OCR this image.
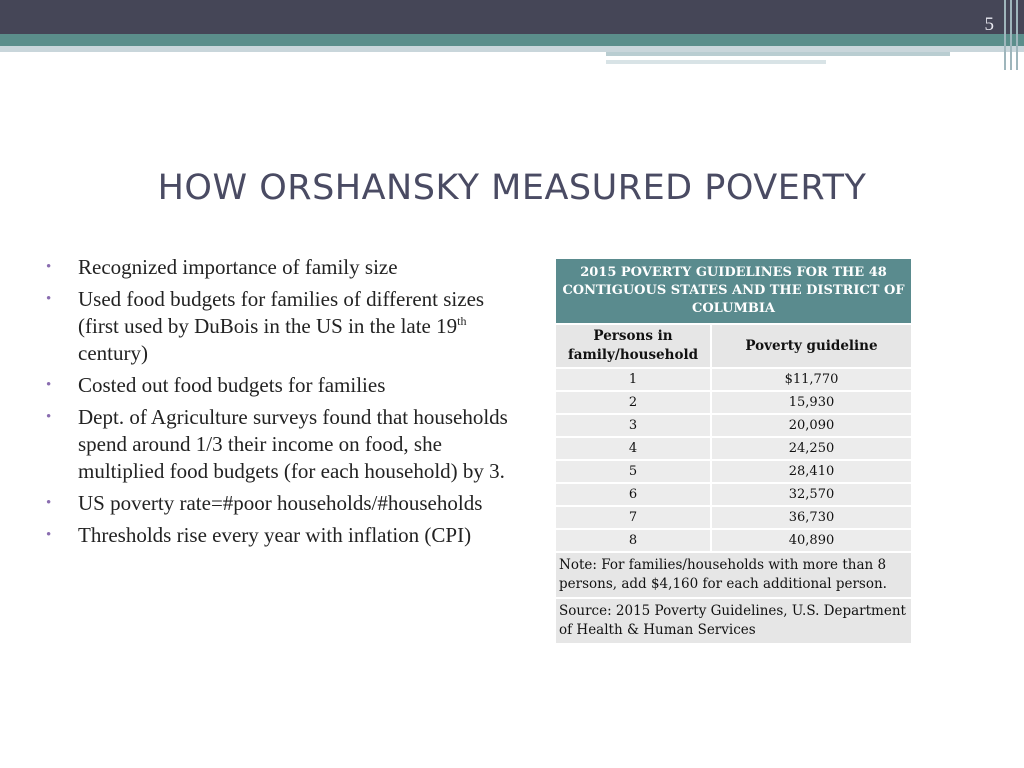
5
HOW ORSHANSKY MEASURED POVERTY
• Recognized importance of family size
• Used food budgets for families of different sizes (first used by DuBois in the US in the late 19th century)
• Costed out food budgets for families
• Dept. of Agriculture surveys found that households spend around 1/3 their income on food, she multiplied food budgets (for each household) by 3.
• US poverty rate=#poor households/#households
• Thresholds rise every year with inflation (CPI)
2015 POVERTY GUIDELINES FOR THE 48 CONTIGUOUS STATES AND THE DISTRICT OF COLUMBIA	
Persons in family/household	Poverty guideline
1	$11,770
2	15,930
3	20,090
4	24,250
5	28,410
6	32,570
7	36,730
8	40,890
Note: For families/households with more than 8 persons, add $4,160 for each additional person.	
Source: 2015 Poverty Guidelines, U.S. Department of Health & Human Services	
